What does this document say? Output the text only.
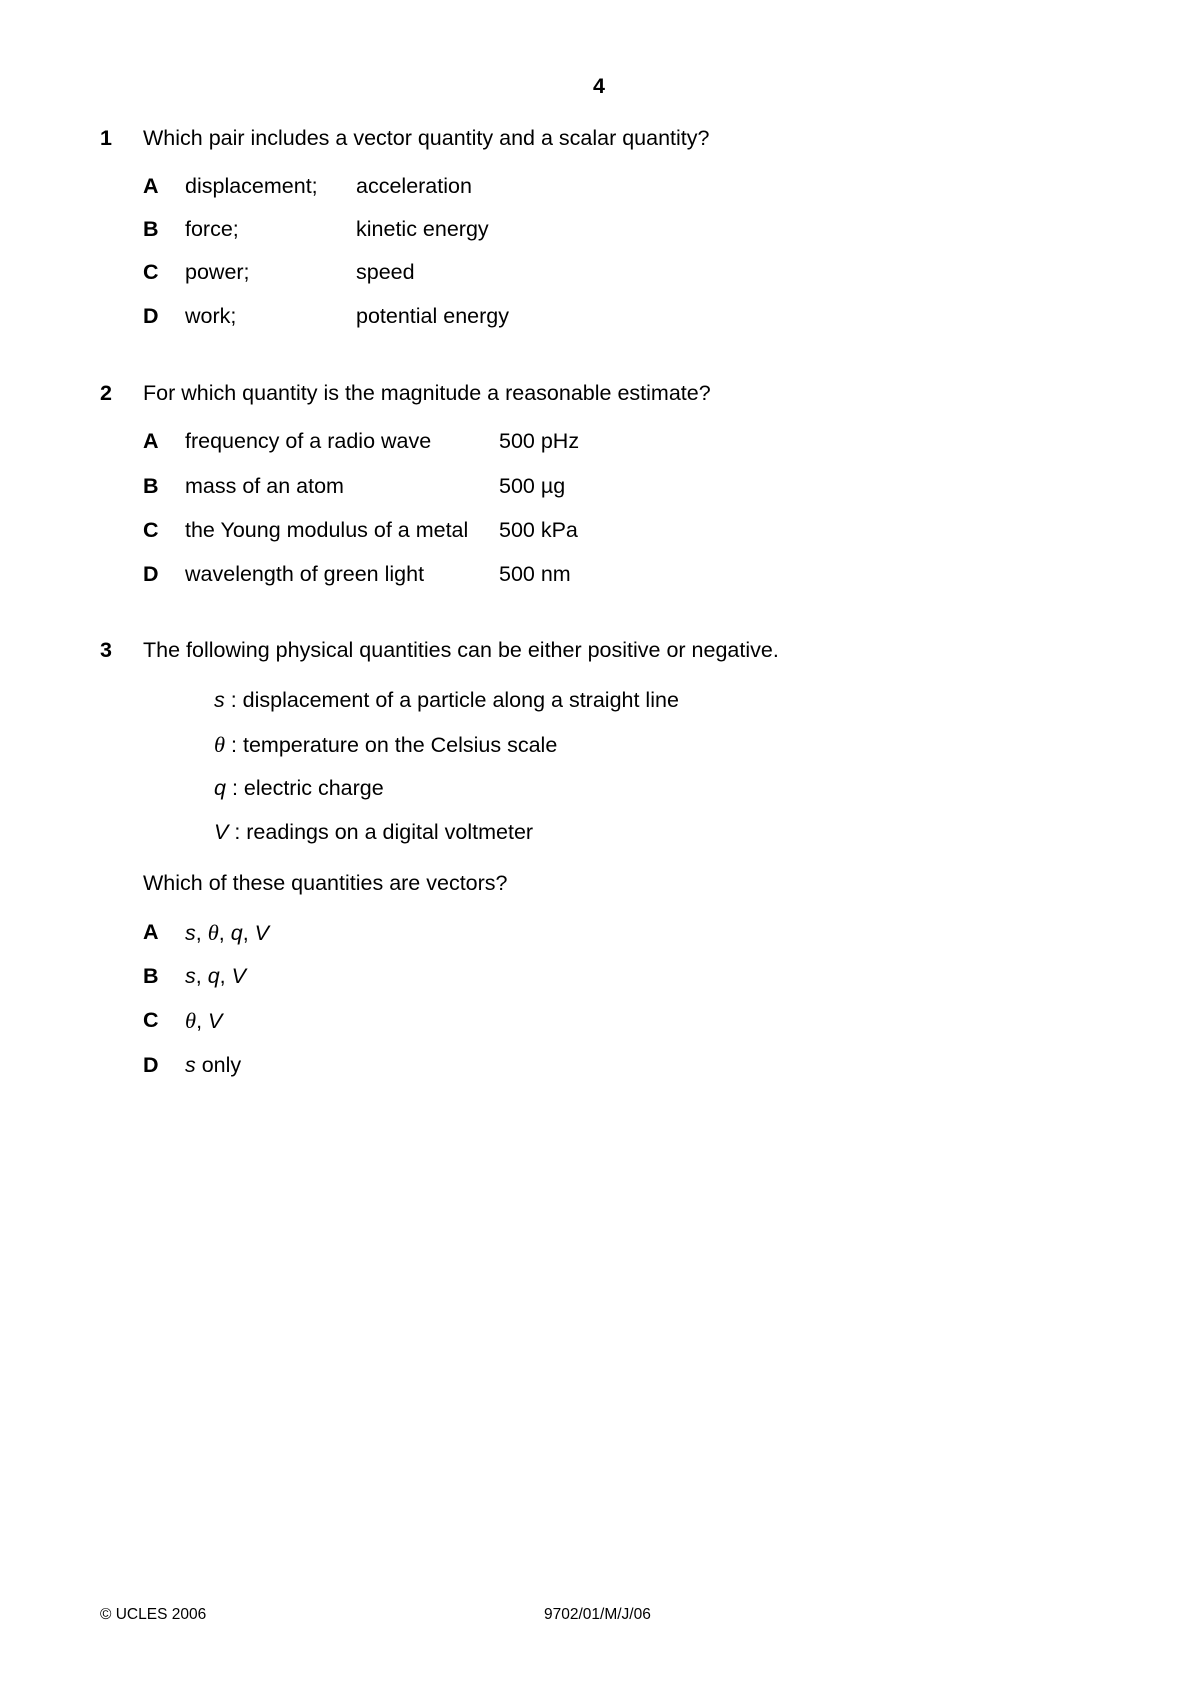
4
1 Which pair includes a vector quantity and a scalar quantity?
A displacement; acceleration
B force;	kinetic energy
C power;	speed
D work;	potential energy
2 For which quantity is the magnitude a reasonable estimate?
A frequency of a radio wave	500 pHz
B mass of an atom	500 µg
C the Young modulus of a metal 500 kPa
D wavelength of green light	500 nm
3 The following physical quantities can be either positive or negative.
s : displacement of a particle along a straight line
θ : temperature on the Celsius scale
q : electric charge
V : readings on a digital voltmeter
Which of these quantities are vectors?
A s, θ, q, V
B s, q, V
C θ, V
D s only
© UCLES 2006	9702/01/M/J/06
